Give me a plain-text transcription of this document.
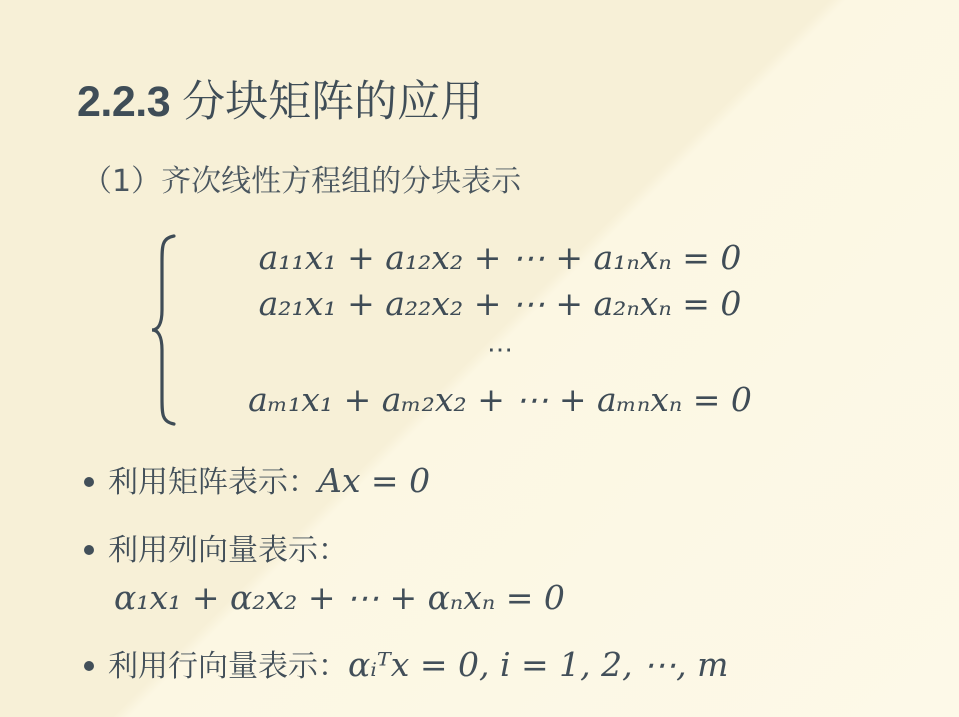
2.2.3 分块矩阵的应用
（1）齐次线性方程组的分块表示
a₁₁x₁ + a₁₂x₂ + ⋯ + a₁ₙxₙ = 0
a₂₁x₁ + a₂₂x₂ + ⋯ + a₂ₙxₙ = 0
⋯
aₘ₁x₁ + aₘ₂x₂ + ⋯ + aₘₙxₙ = 0
利用矩阵表示：Ax = 0
利用列向量表示：
α₁x₁ + α₂x₂ + ⋯ + αₙxₙ = 0
利用行向量表示：αᵢᵀx = 0, i = 1, 2, ⋯, m
